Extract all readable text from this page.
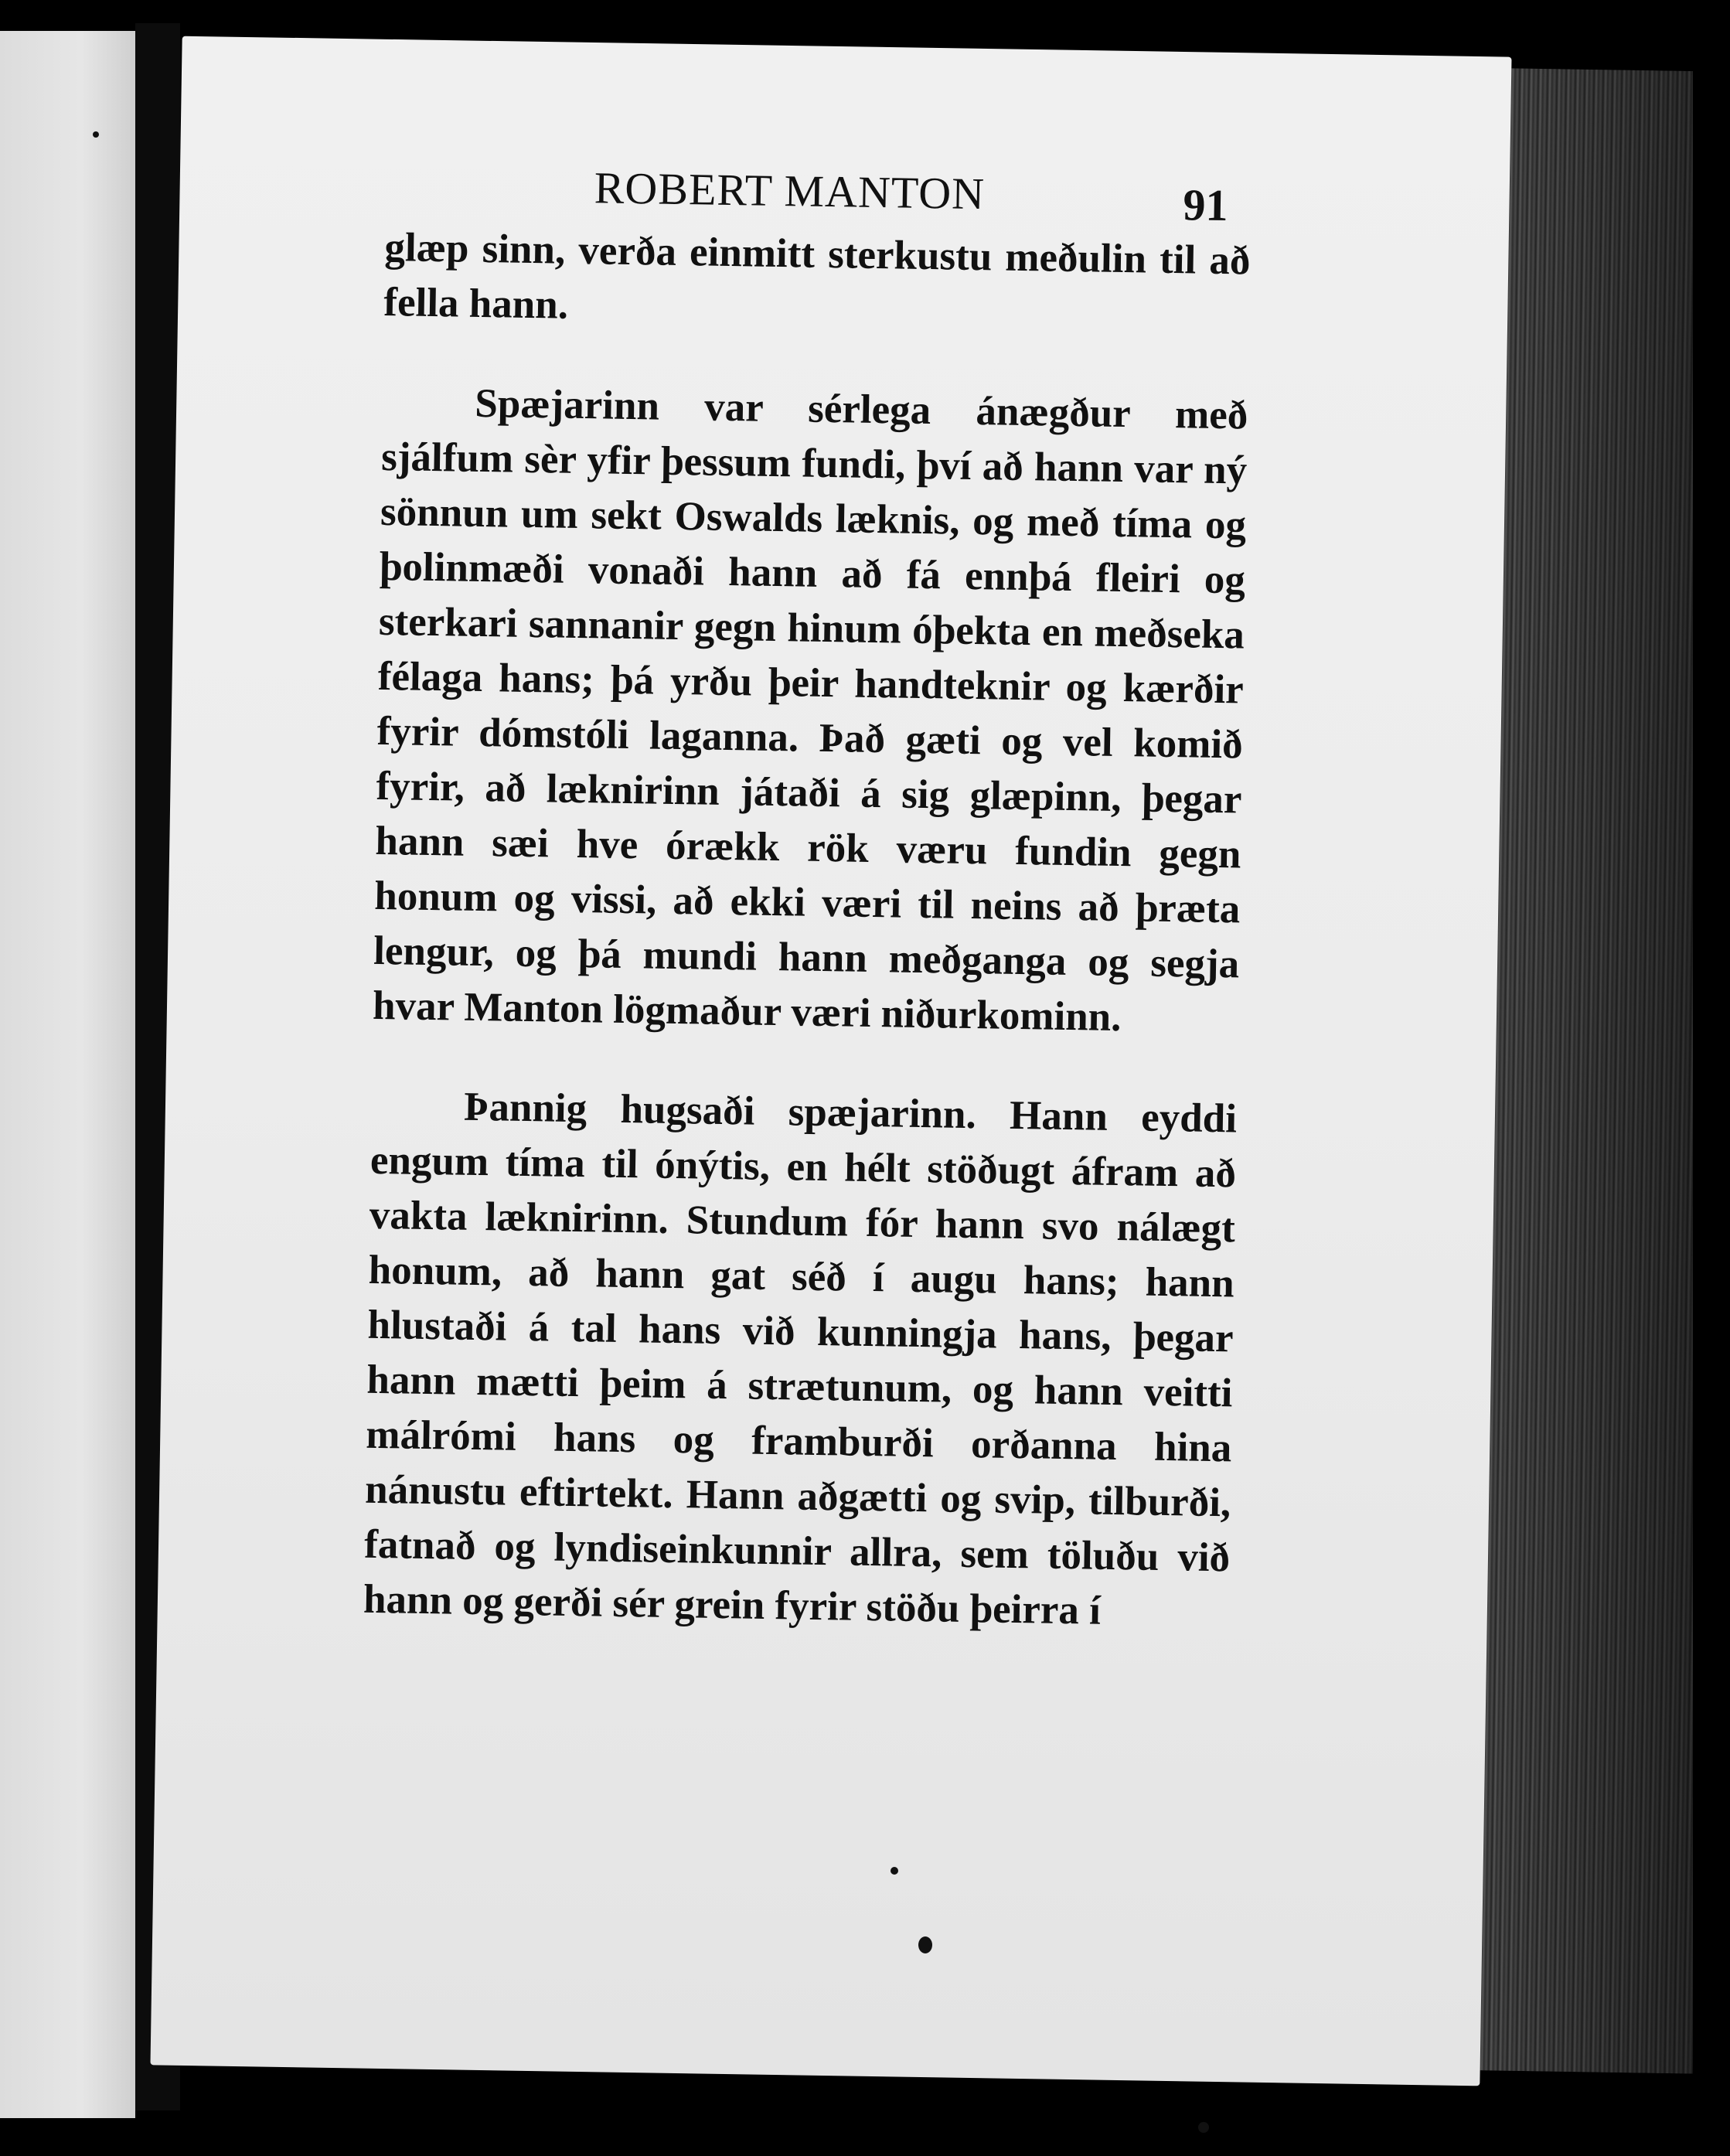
ROBERT MANTON	91

glæp sinn, verða einmitt sterkustu meðulin til að fella hann.

Spæjarinn var sérlega ánægður með sjálfum sèr yfir þessum fundi, því að hann var ný sönnun um sekt Oswalds læknis, og með tíma og þolinmæði vonaði hann að fá ennþá fleiri og sterkari sannanir gegn hinum óþekta en meðseka félaga hans; þá yrðu þeir handteknir og kærðir fyrir dómstóli laganna. Það gæti og vel komið fyrir, að læknirinn játaði á sig glæpinn, þegar hann sæi hve órækk rök væru fundin gegn honum og vissi, að ekki væri til neins að þræta lengur, og þá mundi hann meðganga og segja hvar Manton lögmaður væri niðurkominn.

Þannig hugsaði spæjarinn. Hann eyddi engum tíma til ónýtis, en hélt stöðugt áfram að vakta læknirinn. Stundum fór hann svo nálægt honum, að hann gat séð í augu hans; hann hlustaði á tal hans við kunningja hans, þegar hann mætti þeim á strætunum, og hann veitti málrómi hans og framburði orðanna hina nánustu eftirtekt. Hann aðgætti og svip, tilburði, fatnað og lyndiseinkunnir allra, sem töluðu við hann og gerði sér grein fyrir stöðu þeirra í
